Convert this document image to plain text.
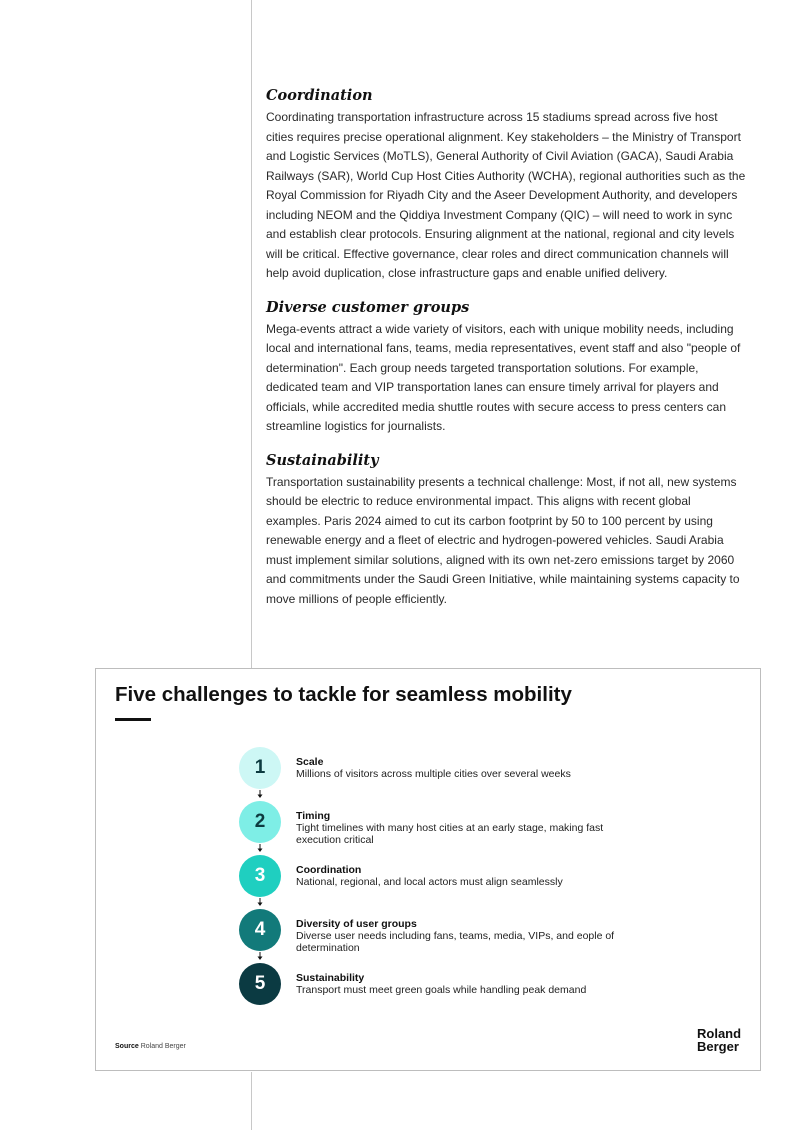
Coordination

Coordinating transportation infrastructure across 15 stadiums spread across five host cities requires precise operational alignment. Key stakeholders – the Ministry of Transport and Logistic Services (MoTLS), General Authority of Civil Aviation (GACA), Saudi Arabia Railways (SAR), World Cup Host Cities Authority (WCHA), regional authorities such as the Royal Commission for Riyadh City and the Aseer Development Authority, and developers including NEOM and the Qiddiya Investment Company (QIC) – will need to work in sync and establish clear protocols. Ensuring alignment at the national, regional and city levels will be critical. Effective governance, clear roles and direct communication channels will help avoid duplication, close infrastructure gaps and enable unified delivery.

Diverse customer groups

Mega-events attract a wide variety of visitors, each with unique mobility needs, including local and international fans, teams, media representatives, event staff and also "people of determination". Each group needs targeted transportation solutions. For example, dedicated team and VIP transportation lanes can ensure timely arrival for players and officials, while accredited media shuttle routes with secure access to press centers can streamline logistics for journalists.

Sustainability

Transportation sustainability presents a technical challenge: Most, if not all, new systems should be electric to reduce environmental impact. This aligns with recent global examples. Paris 2024 aimed to cut its carbon footprint by 50 to 100 percent by using renewable energy and a fleet of electric and hydrogen-powered vehicles. Saudi Arabia must implement similar solutions, aligned with its own net-zero emissions target by 2060 and commitments under the Saudi Green Initiative, while maintaining systems capacity to move millions of people efficiently.

Five challenges to tackle for seamless mobility
1	Scale
Millions of visitors across multiple cities over several weeks
2	Timing
Tight timelines with many host cities at an early stage, making fast execution critical
3	Coordination
National, regional, and local actors must align seamlessly
4	Diversity of user groups
Diverse user needs including fans, teams, media, VIPs, and eople of determination
5	Sustainability
Transport must meet green goals while handling peak demand
Source Roland Berger
Roland
Berger
